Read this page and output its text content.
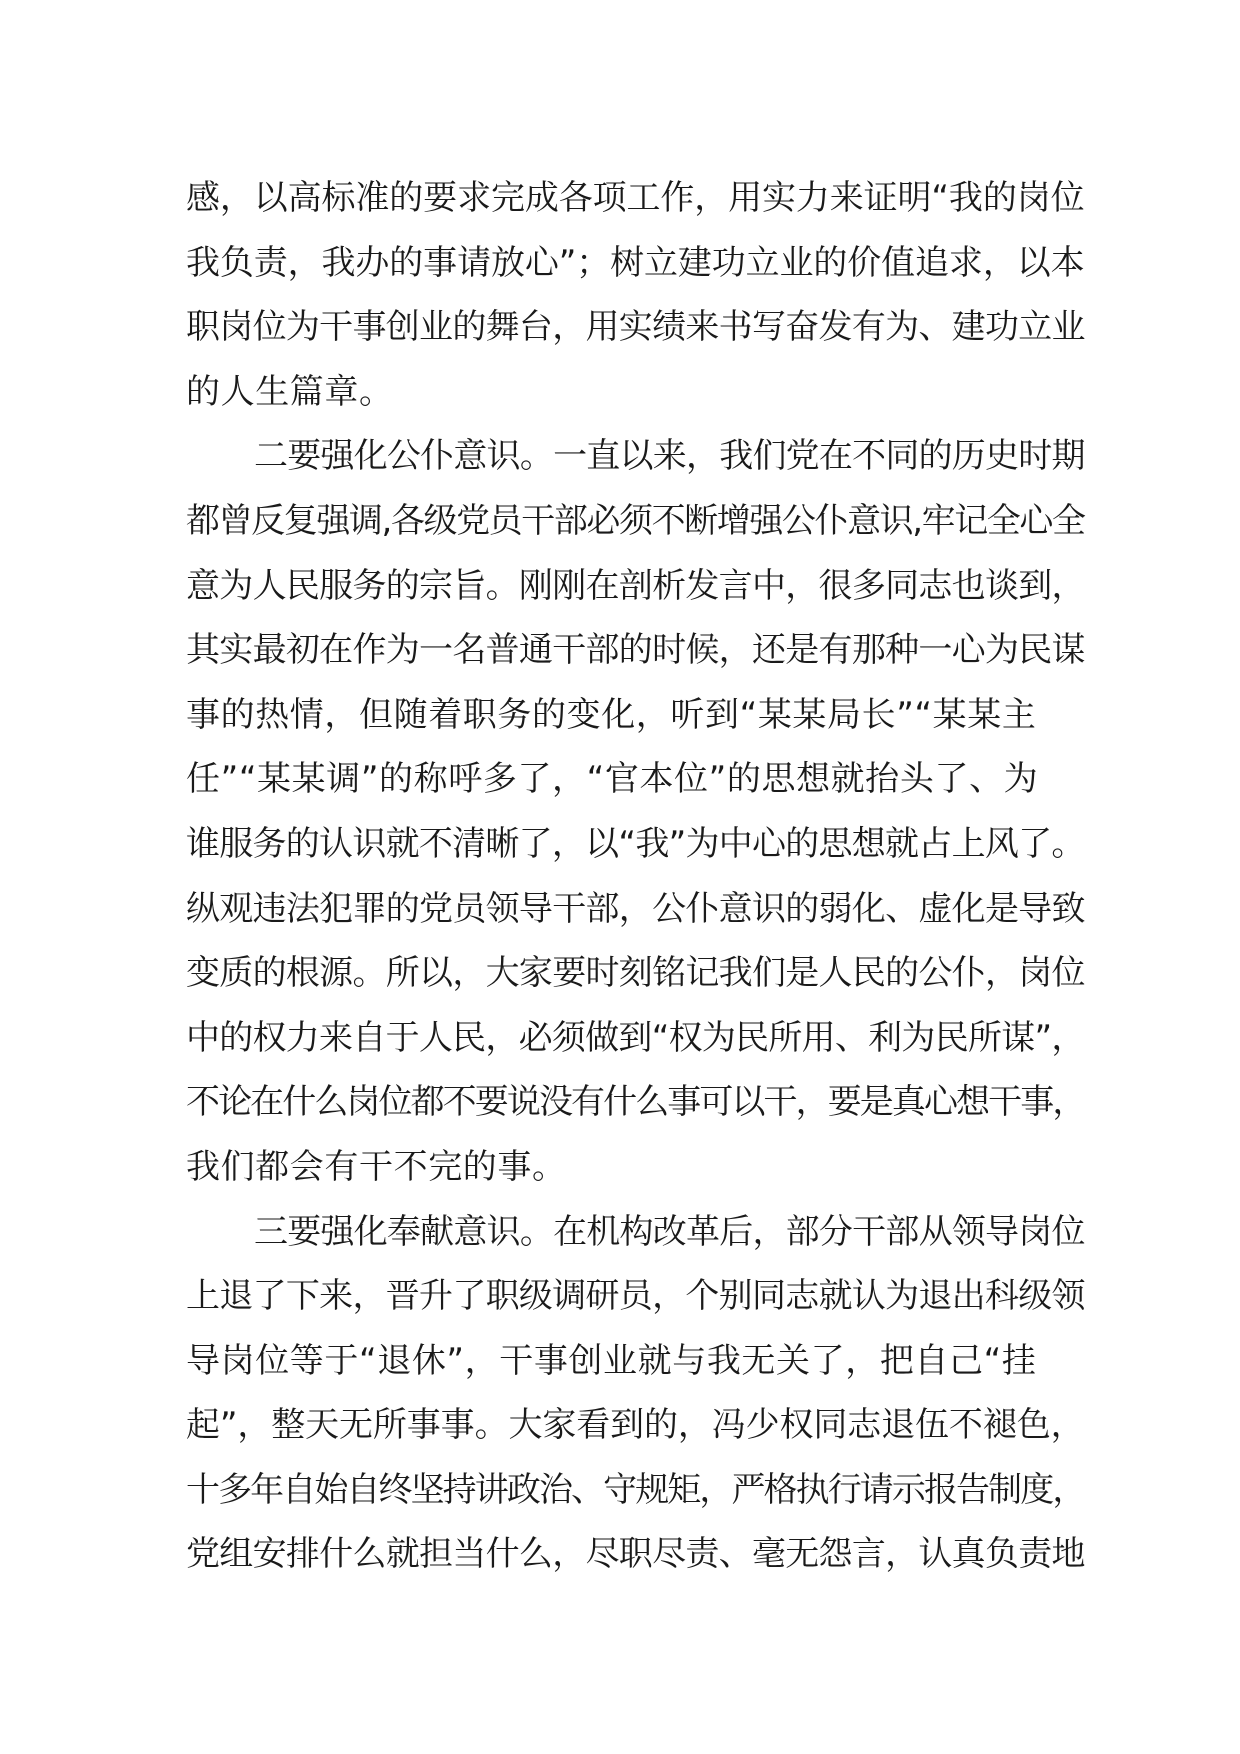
感，以高标准的要求完成各项工作，用实力来证明“我的岗位
我负责，我办的事请放心”；树立建功立业的价值追求，以本
职岗位为干事创业的舞台，用实绩来书写奋发有为、建功立业
的人生篇章。
二要强化公仆意识。一直以来，我们党在不同的历史时期
都曾反复强调,各级党员干部必须不断增强公仆意识,牢记全心全
意为人民服务的宗旨。刚刚在剖析发言中，很多同志也谈到，
其实最初在作为一名普通干部的时候，还是有那种一心为民谋
事的热情，但随着职务的变化，听到“某某局长”“某某主
任”“某某调”的称呼多了，“官本位”的思想就抬头了、为
谁服务的认识就不清晰了，以“我”为中心的思想就占上风了。
纵观违法犯罪的党员领导干部，公仆意识的弱化、虚化是导致
变质的根源。所以，大家要时刻铭记我们是人民的公仆，岗位
中的权力来自于人民，必须做到“权为民所用、利为民所谋”，
不论在什么岗位都不要说没有什么事可以干，要是真心想干事，
我们都会有干不完的事。
三要强化奉献意识。在机构改革后，部分干部从领导岗位
上退了下来，晋升了职级调研员，个别同志就认为退出科级领
导岗位等于“退休”，干事创业就与我无关了，把自己“挂
起”，整天无所事事。大家看到的，冯少权同志退伍不褪色，
十多年自始自终坚持讲政治、守规矩，严格执行请示报告制度，
党组安排什么就担当什么，尽职尽责、毫无怨言，认真负责地
